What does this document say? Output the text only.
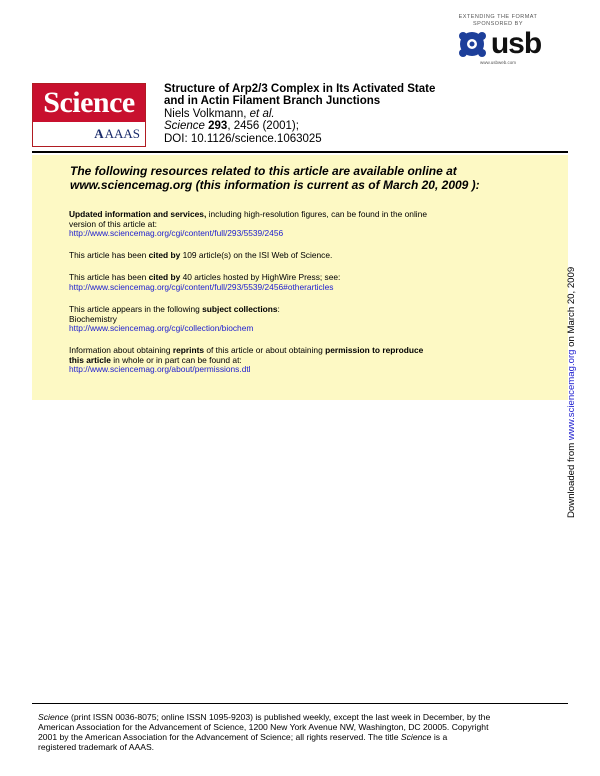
EXTENDING THE FORMAT
SPONSORED BY
usb
www.usbweb.com
Science
A AAAS
Structure of Arp2/3 Complex in Its Activated State
and in Actin Filament Branch Junctions
Niels Volkmann, et al.
Science 293, 2456 (2001);
DOI: 10.1126/science.1063025
The following resources related to this article are available online at
www.sciencemag.org (this information is current as of March 20, 2009 ):
Updated information and services, including high-resolution figures, can be found in the online
version of this article at:
http://www.sciencemag.org/cgi/content/full/293/5539/2456
This article has been cited by 109 article(s) on the ISI Web of Science.
This article has been cited by 40 articles hosted by HighWire Press; see:
http://www.sciencemag.org/cgi/content/full/293/5539/2456#otherarticles
This article appears in the following subject collections:
Biochemistry
http://www.sciencemag.org/cgi/collection/biochem
Information about obtaining reprints of this article or about obtaining permission to reproduce
this article in whole or in part can be found at:
http://www.sciencemag.org/about/permissions.dtl
Downloaded from www.sciencemag.org on March 20, 2009
Science (print ISSN 0036-8075; online ISSN 1095-9203) is published weekly, except the last week in December, by the
American Association for the Advancement of Science, 1200 New York Avenue NW, Washington, DC 20005. Copyright
2001 by the American Association for the Advancement of Science; all rights reserved. The title Science is a
registered trademark of AAAS.
